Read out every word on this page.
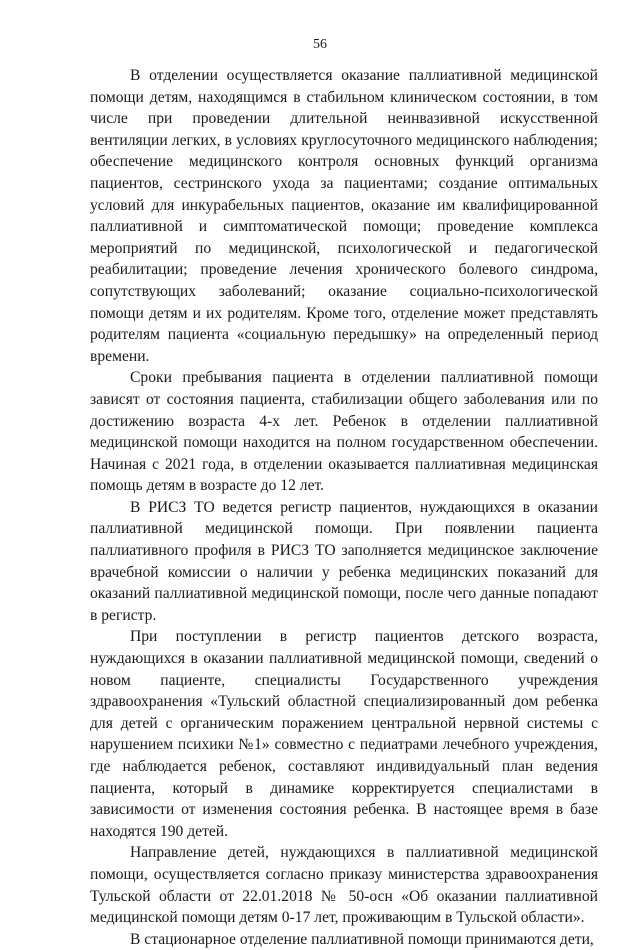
56

В отделении осуществляется оказание паллиативной медицинской помощи детям, находящимся в стабильном клиническом состоянии, в том числе при проведении длительной неинвазивной искусственной вентиляции легких, в условиях круглосуточного медицинского наблюдения; обеспечение медицинского контроля основных функций организма пациентов, сестринского ухода за пациентами; создание оптимальных условий для инкурабельных пациентов, оказание им квалифицированной паллиативной и симптоматической помощи; проведение комплекса мероприятий по медицинской, психологической и педагогической реабилитации; проведение лечения хронического болевого синдрома, сопутствующих заболеваний; оказание социально-психологической помощи детям и их родителям. Кроме того, отделение может представлять родителям пациента «социальную передышку» на определенный период времени.

Сроки пребывания пациента в отделении паллиативной помощи зависят от состояния пациента, стабилизации общего заболевания или по достижению возраста 4-х лет. Ребенок в отделении паллиативной медицинской помощи находится на полном государственном обеспечении. Начиная с 2021 года, в отделении оказывается паллиативная медицинская помощь детям в возрасте до 12 лет.

В РИСЗ ТО ведется регистр пациентов, нуждающихся в оказании паллиативной медицинской помощи. При появлении пациента паллиативного профиля в РИСЗ ТО заполняется медицинское заключение врачебной комиссии о наличии у ребенка медицинских показаний для оказаний паллиативной медицинской помощи, после чего данные попадают в регистр.

При поступлении в регистр пациентов детского возраста, нуждающихся в оказании паллиативной медицинской помощи, сведений о новом пациенте, специалисты Государственного учреждения здравоохранения «Тульский областной специализированный дом ребенка для детей с органическим поражением центральной нервной системы с нарушением психики №1» совместно с педиатрами лечебного учреждения, где наблюдается ребенок, составляют индивидуальный план ведения пациента, который в динамике корректируется специалистами в зависимости от изменения состояния ребенка. В настоящее время в базе находятся 190 детей.

Направление детей, нуждающихся в паллиативной медицинской помощи, осуществляется согласно приказу министерства здравоохранения Тульской области от 22.01.2018 № 50-осн «Об оказании паллиативной медицинской помощи детям 0-17 лет, проживающим в Тульской области».

В стационарное отделение паллиативной помощи принимаются дети,
